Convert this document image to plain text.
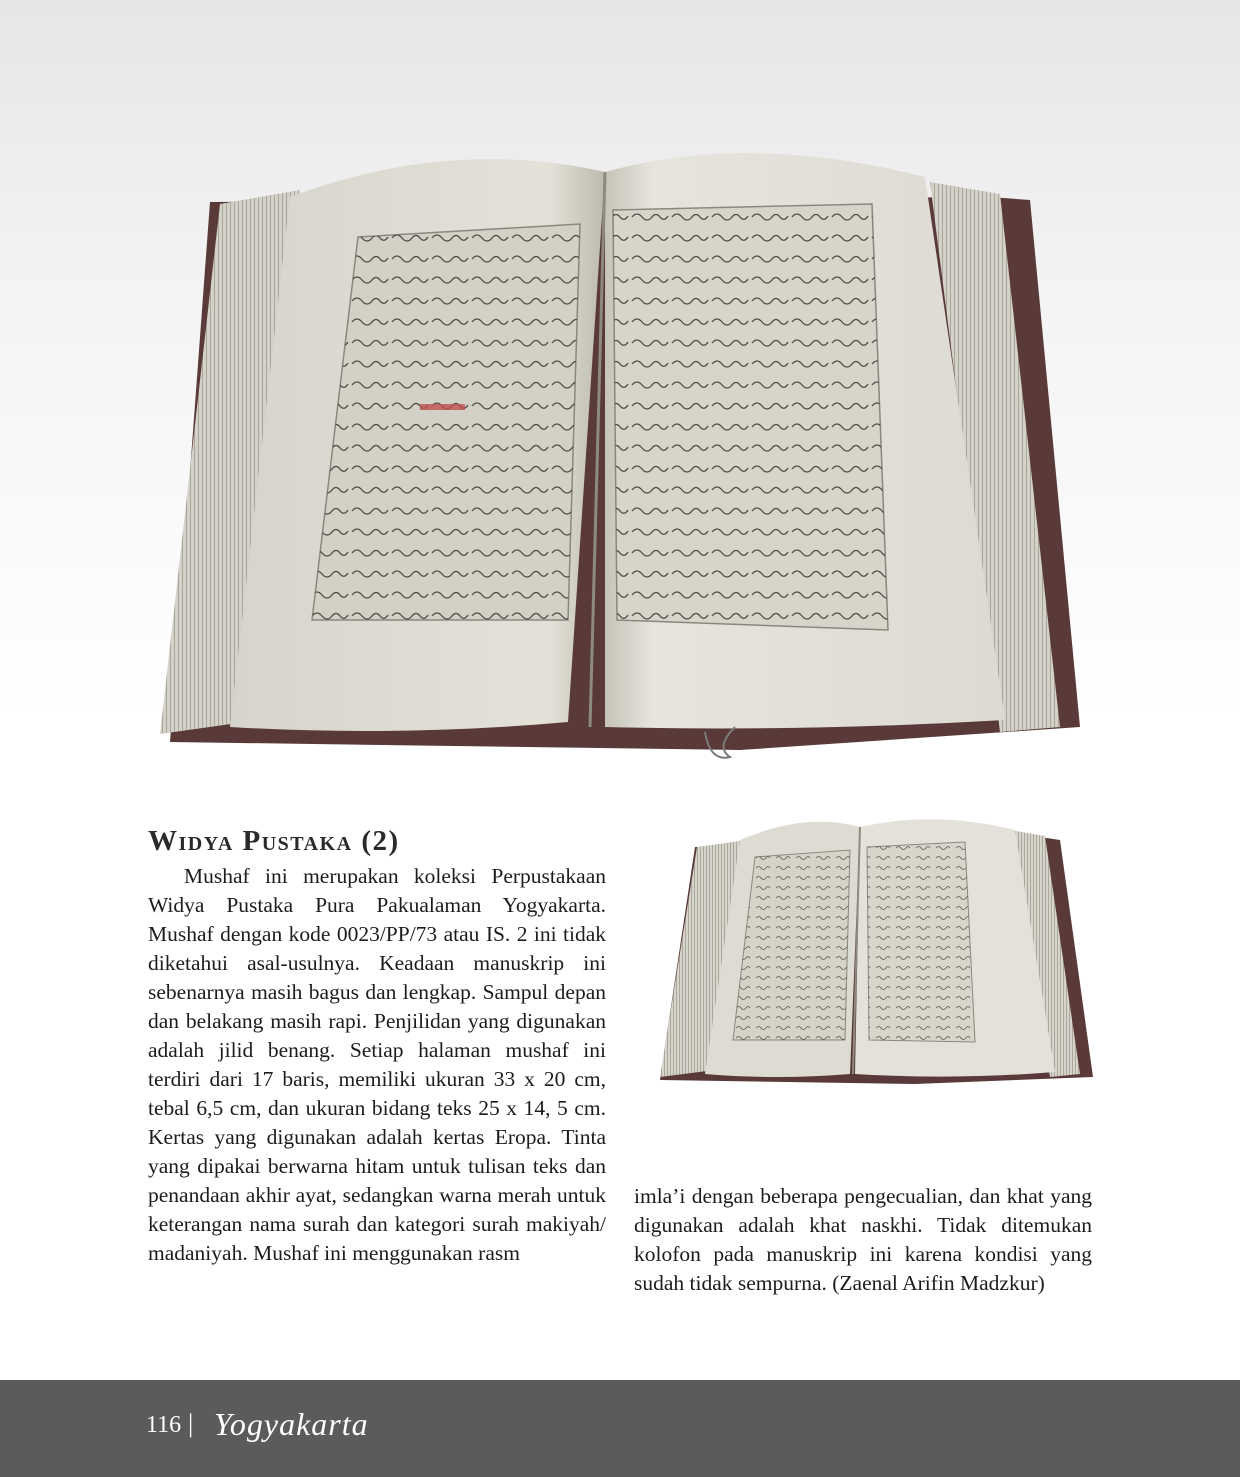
Widya Pustaka (2)

Mushaf ini merupakan koleksi Perpustakaan Widya Pustaka Pura Pakualaman Yogyakarta. Mushaf dengan kode 0023/PP/73 atau IS. 2 ini tidak diketahui asal-usulnya. Keadaan manuskrip ini sebenarnya masih bagus dan lengkap. Sampul depan dan belakang masih rapi. Penjilidan yang digunakan adalah jilid benang. Setiap halaman mushaf ini terdiri dari 17 baris, memiliki ukuran 33 x 20 cm, tebal 6,5 cm, dan ukuran bidang teks 25 x 14, 5 cm. Kertas yang digunakan adalah kertas Eropa. Tinta yang dipakai berwarna hitam untuk tulisan teks dan penandaan akhir ayat, sedangkan warna merah untuk keterangan nama surah dan kategori surah makiyah/ madaniyah. Mushaf ini menggunakan rasm

imla’i dengan beberapa pengecualian, dan khat yang digunakan adalah khat naskhi. Tidak ditemukan kolofon pada manuskrip ini karena kondisi yang sudah tidak sempurna. (Zaenal Arifin Madzkur)

116 | Yogyakarta
